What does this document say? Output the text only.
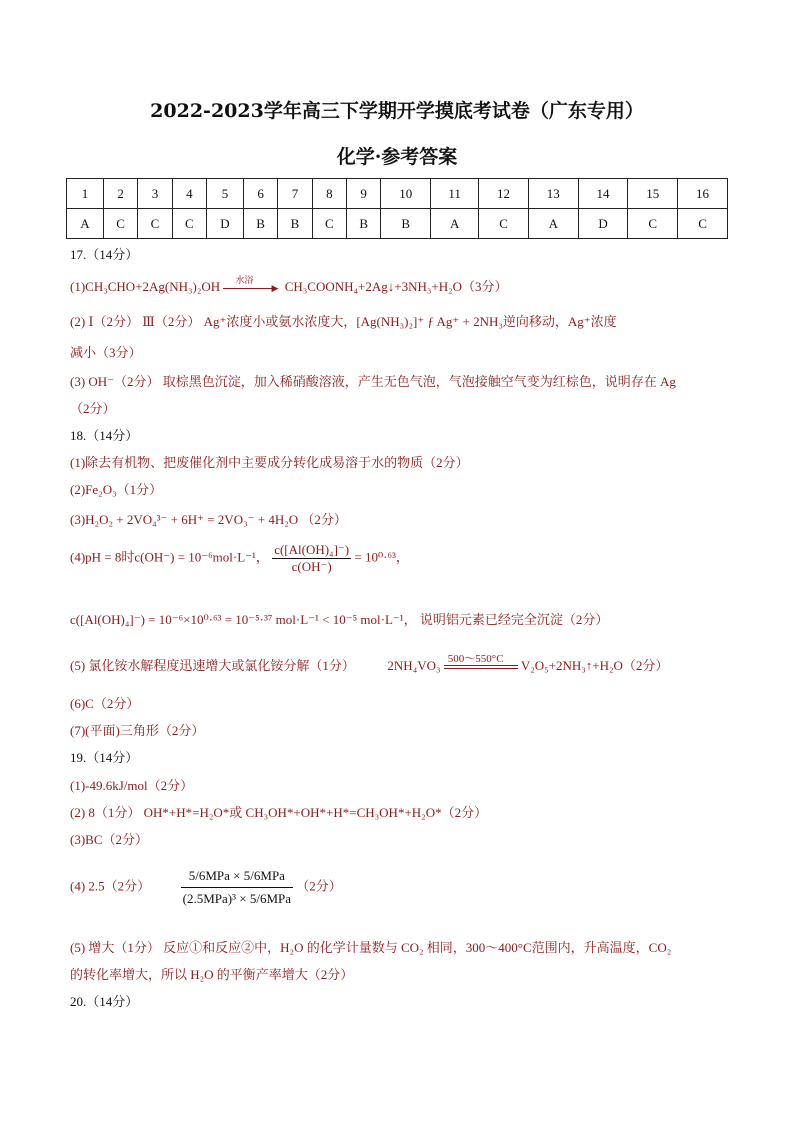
2022-2023学年高三下学期开学摸底考试卷（广东专用）
化学·参考答案
1	2	3	4	5	6	7	8	9	10	11	12	13	14	15	16
A	C	C	C	D	B	B	C	B	B	A	C	A	D	C	C
17.（14分）
(1)CH₃CHO+2Ag(NH₃)₂OH 水浴
▶ CH₃COONH₄+2Ag↓+3NH₃+H₂O（3分）
(2) Ⅰ（2分） Ⅲ（2分） Ag⁺浓度小或氨水浓度大，[Ag(NH₃)₂]⁺ ƒ Ag⁺ + 2NH₃逆向移动，Ag⁺浓度
减小（3分）
(3) OH⁻（2分） 取棕黑色沉淀，加入稀硝酸溶液，产生无色气泡，气泡接触空气变为红棕色，说明存在 Ag
（2分）
18.（14分）
(1)除去有机物、把废催化剂中主要成分转化成易溶于水的物质（2分）
(2)Fe₂O₃（1分）
(3)H₂O₂ + 2VO₄³⁻ + 6H⁺ = 2VO₃⁻ + 4H₂O （2分）
(4)pH = 8时c(OH⁻) = 10⁻⁶mol·L⁻¹， $\frac{\text{c([Al(OH)₄]⁻)}}{c(OH^-)} = 10^0\cdot^{63}$，
c([Al(OH)₄]⁻) = 10⁻⁶×10⁰·⁶³ = 10⁻⁵·³⁷ mol·L⁻¹ < 10⁻⁵ mol·L⁻¹， 说明铝元素已经完全沉淀（2分）
(5) 氯化铵水解程度迅速增大或氯化铵分解（1分）	2NH₄VO₃ 500～550°C V₂O₅+2NH₃↑+H₂O（2分）
(6)C（2分）
(7)(平面)三角形（2分）
19.（14分）
(1)-49.6kJ/mol（2分）
(2) 8（1分） OH*+H*=H₂O*或 CH₃OH*+OH*+H*=CH₃OH*+H₂O*（2分）
(3)BC（2分）
(4) 2.5（2分） $\frac{\text{5/6MPa × 5/6MPa}}{\text{(2.5MPa)³ × 5/6MPa}} (2$分）
(5) 增大（1分） 反应①和反应②中，H₂O 的化学计量数与 CO₂ 相同，300～400°C范围内，升高温度，CO₂
的转化率增大，所以 H₂O 的平衡产率增大（2分）
20.（14分）
